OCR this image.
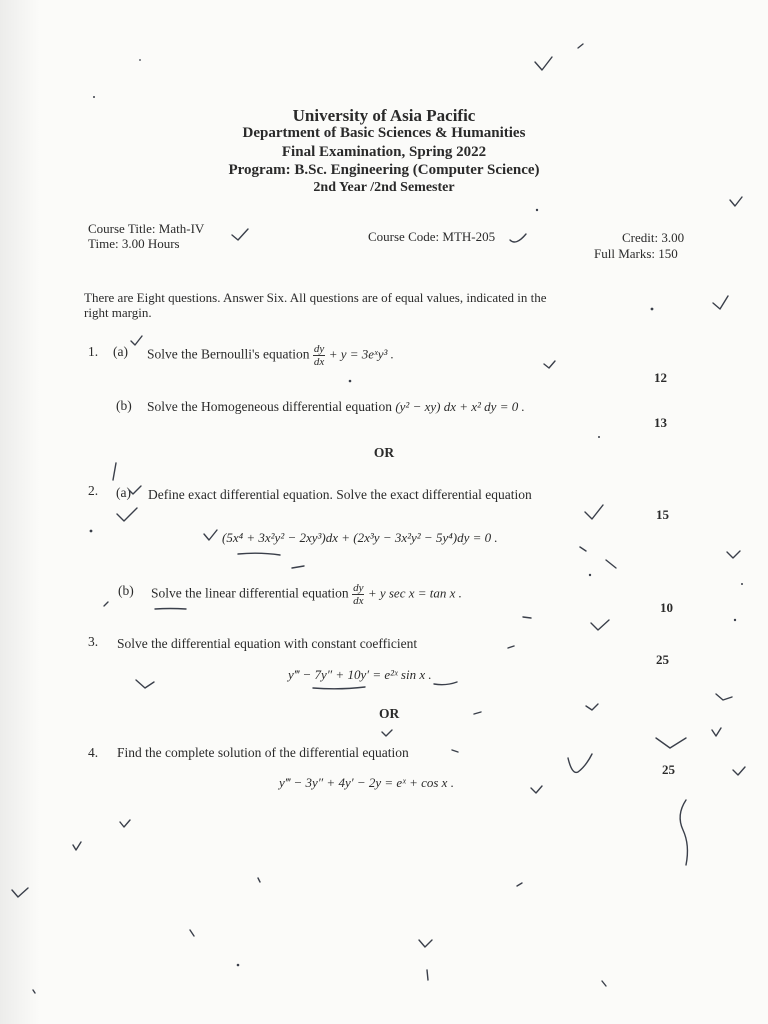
University of Asia Pacific
Department of Basic Sciences & Humanities
Final Examination, Spring 2022
Program: B.Sc. Engineering (Computer Science)
2nd Year /2nd Semester
Course Title: Math-IV
Time: 3.00 Hours	Course Code: MTH-205	Credit: 3.00
Full Marks: 150
There are Eight questions. Answer Six. All questions are of equal values, indicated in the
right margin.
1. (a) Solve the Bernoulli's equation $\frac{dy}{dx} + y$ = 3eˣy³ .
12
(b) Solve the Homogeneous differential equation (y² − xy) dx + x² dy = 0 .
13
OR
2. (a) Define exact differential equation. Solve the exact differential equation
15
(5x⁴ + 3x²y² − 2xy³)dx + (2x³y − 3x²y² − 5y⁴)dy = 0 .
(b) Solve the linear differential equation $\frac{dy}{dx} + y$ sec x = tan x .
10
3. Solve the differential equation with constant coefficient
25
y‴ − 7y″ + 10y′ = e²ˣ sin x .
OR
4. Find the complete solution of the differential equation
25
y‴ − 3y″ + 4y′ − 2y = eˣ + cos x .
